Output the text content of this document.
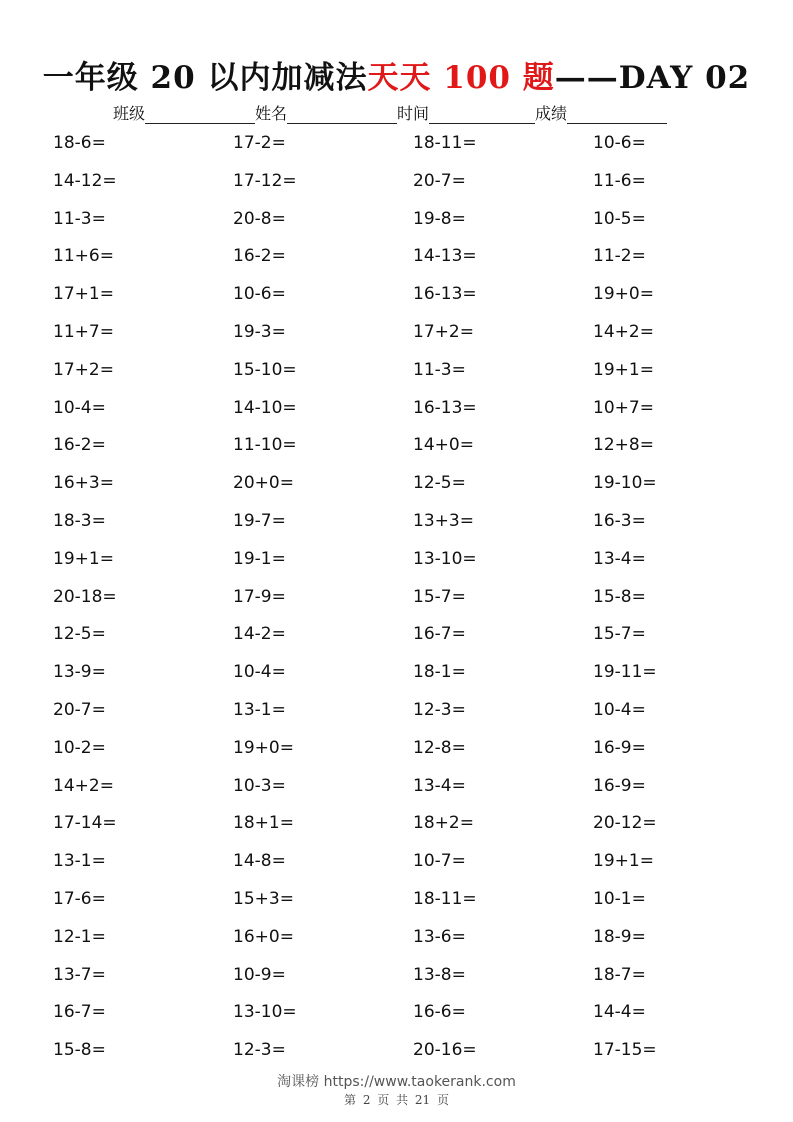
一年级 20 以内加减法天天 100 题——DAY 02
班级	姓名	时间	成绩
18-6=	17-2=	18-11=	10-6=
14-12=	17-12=	20-7=	11-6=
11-3=	20-8=	19-8=	10-5=
11+6=	16-2=	14-13=	11-2=
17+1=	10-6=	16-13=	19+0=
11+7=	19-3=	17+2=	14+2=
17+2=	15-10=	11-3=	19+1=
10-4=	14-10=	16-13=	10+7=
16-2=	11-10=	14+0=	12+8=
16+3=	20+0=	12-5=	19-10=
18-3=	19-7=	13+3=	16-3=
19+1=	19-1=	13-10=	13-4=
20-18=	17-9=	15-7=	15-8=
12-5=	14-2=	16-7=	15-7=
13-9=	10-4=	18-1=	19-11=
20-7=	13-1=	12-3=	10-4=
10-2=	19+0=	12-8=	16-9=
14+2=	10-3=	13-4=	16-9=
17-14=	18+1=	18+2=	20-12=
13-1=	14-8=	10-7=	19+1=
17-6=	15+3=	18-11=	10-1=
12-1=	16+0=	13-6=	18-9=
13-7=	10-9=	13-8=	18-7=
16-7=	13-10=	16-6=	14-4=
15-8=	12-3=	20-16=	17-15=
淘课榜 https://www.taokerank.com
第 2 页 共 21 页
